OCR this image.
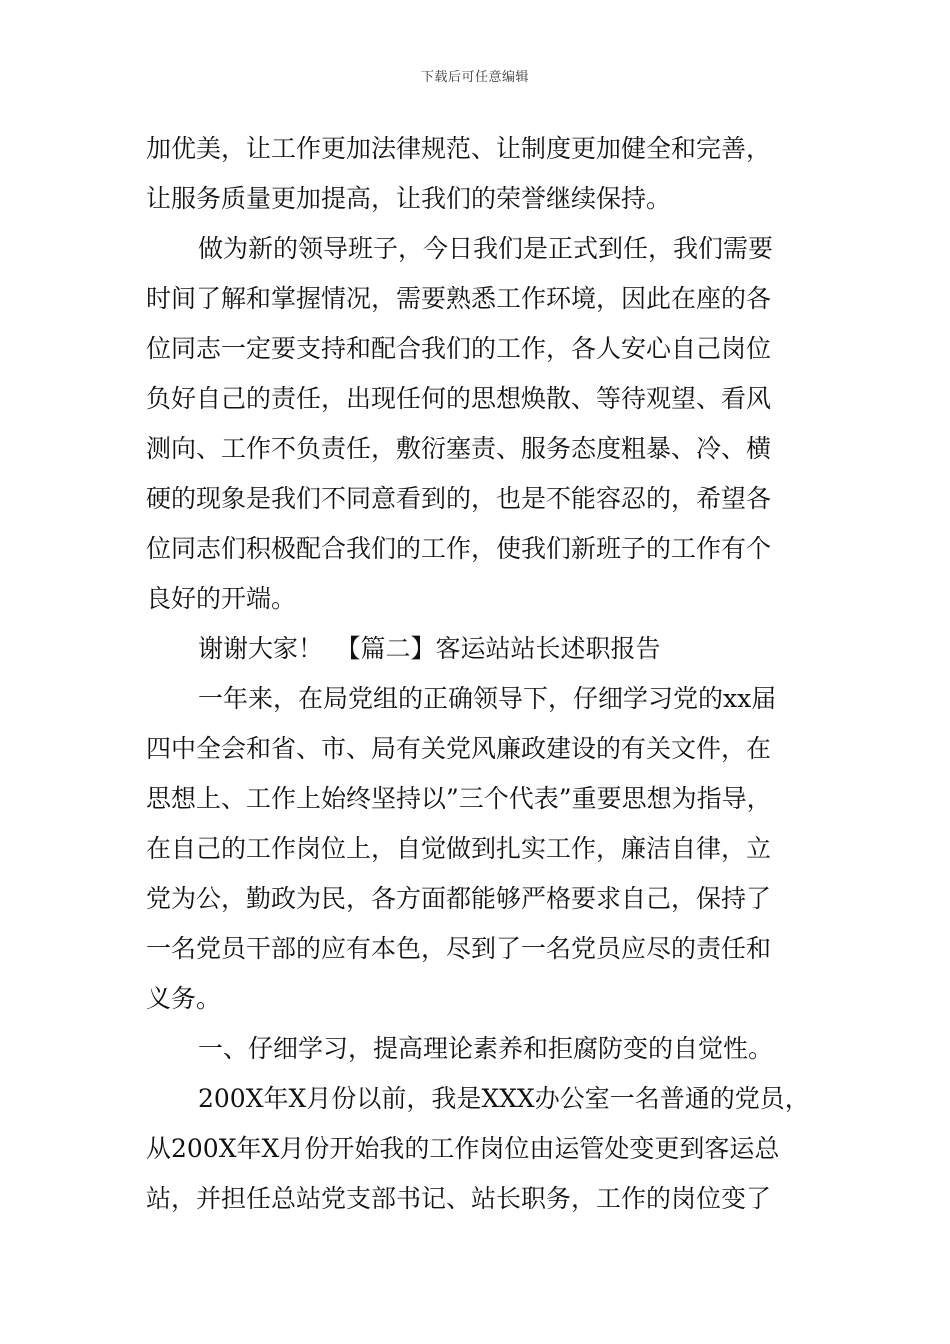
下载后可任意编辑
加优美，让工作更加法律规范、让制度更加健全和完善，
让服务质量更加提高，让我们的荣誉继续保持。
做为新的领导班子，今日我们是正式到任，我们需要
时间了解和掌握情况，需要熟悉工作环境，因此在座的各
位同志一定要支持和配合我们的工作，各人安心自己岗位
负好自己的责任，出现任何的思想焕散、等待观望、看风
测向、工作不负责任，敷衍塞责、服务态度粗暴、冷、横
硬的现象是我们不同意看到的，也是不能容忍的，希望各
位同志们积极配合我们的工作，使我们新班子的工作有个
良好的开端。
谢谢大家！　【篇二】客运站站长述职报告
一年来，在局党组的正确领导下，仔细学习党的xx届
四中全会和省、市、局有关党风廉政建设的有关文件，在
思想上、工作上始终坚持以”三个代表”重要思想为指导，
在自己的工作岗位上，自觉做到扎实工作，廉洁自律，立
党为公，勤政为民，各方面都能够严格要求自己，保持了
一名党员干部的应有本色，尽到了一名党员应尽的责任和
义务。
一、仔细学习，提高理论素养和拒腐防变的自觉性。
200X年X月份以前，我是XXX办公室一名普通的党员，
从200X年X月份开始我的工作岗位由运管处变更到客运总
站，并担任总站党支部书记、站长职务，工作的岗位变了
